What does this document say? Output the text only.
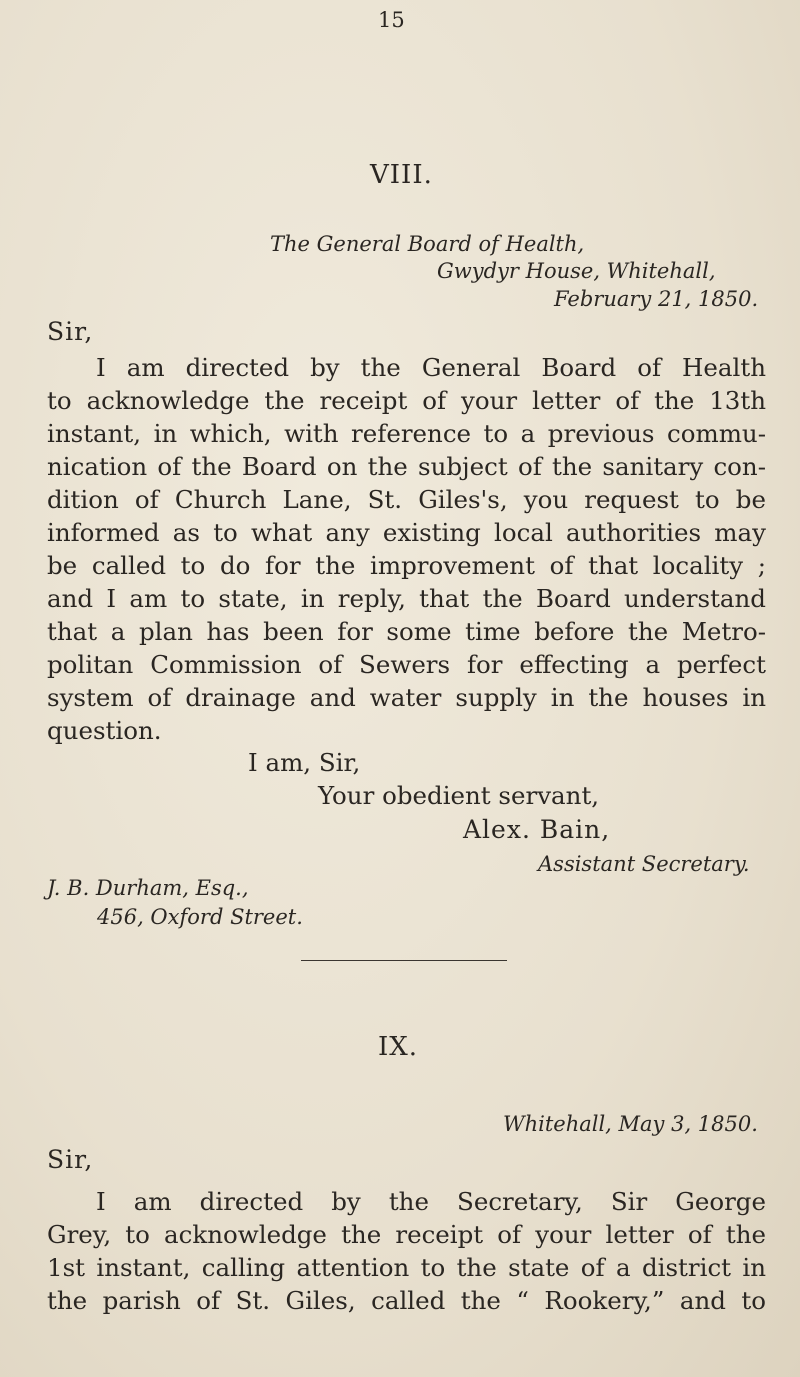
15
VIII.
The General Board of Health,
Gwydyr House, Whitehall,
February 21, 1850.
Sir,
I am directed by the General Board of Health
to acknowledge the receipt of your letter of the 13th
instant, in which, with reference to a previous commu-
nication of the Board on the subject of the sanitary con-
dition of Church Lane, St. Giles's, you request to be
informed as to what any existing local authorities may
be called to do for the improvement of that locality ;
and I am to state, in reply, that the Board understand
that a plan has been for some time before the Metro-
politan Commission of Sewers for effecting a perfect
system of drainage and water supply in the houses in
question.
I am, Sir,
Your obedient servant,
Alex. Bain,
Assistant Secretary.
J. B. Durham, Esq.,
456, Oxford Street.
IX.
Whitehall, May 3, 1850.
Sir,
I am directed by the Secretary, Sir George
Grey, to acknowledge the receipt of your letter of the
1st instant, calling attention to the state of a district in
the parish of St. Giles, called the “ Rookery,” and to
